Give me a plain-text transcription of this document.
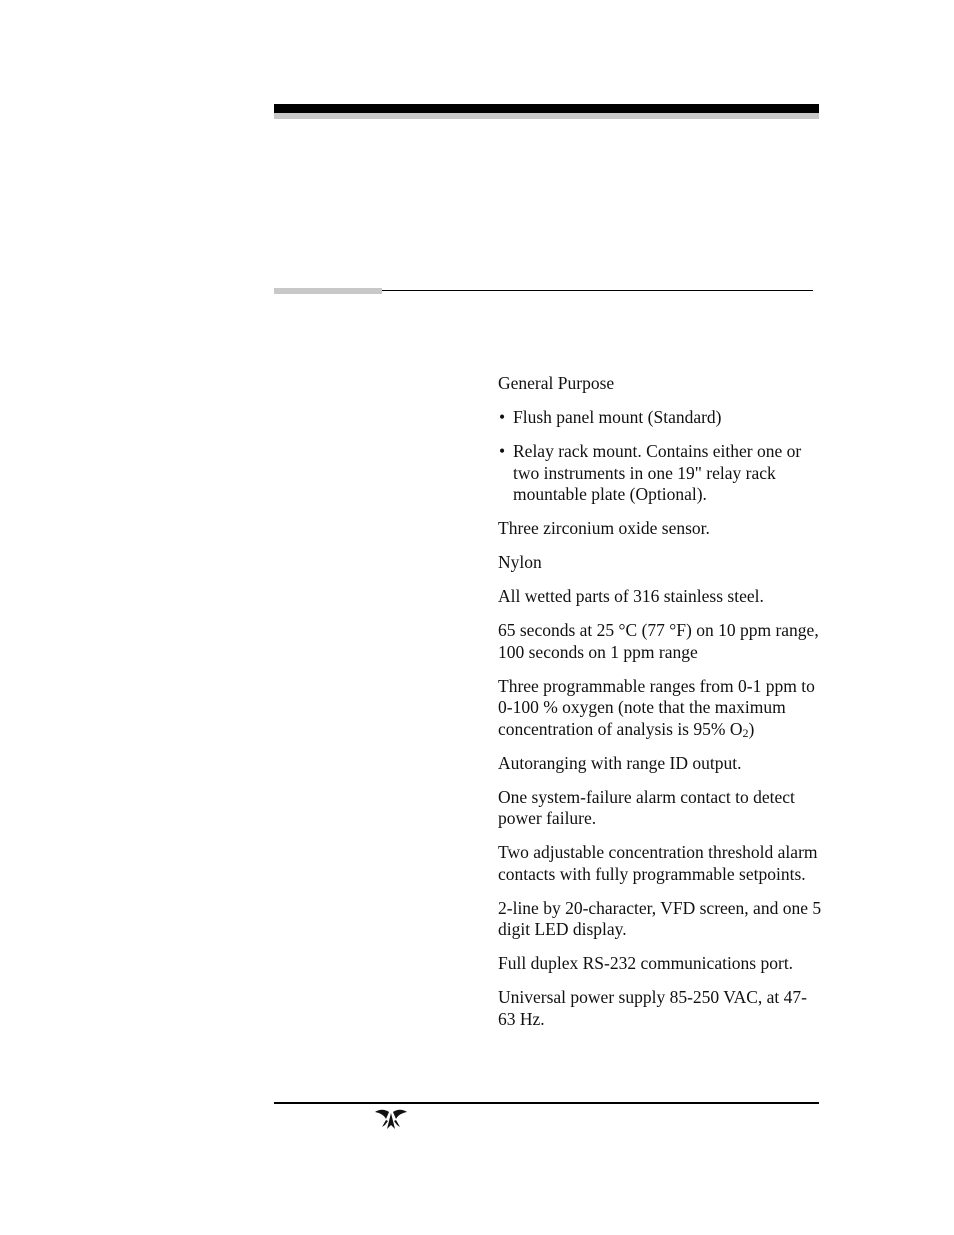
General Purpose

• Flush panel mount (Standard)
• Relay rack mount. Contains either one or two instruments in one 19" relay rack mountable plate (Optional).

Three zirconium oxide sensor.

Nylon

All wetted parts of 316 stainless steel.

65 seconds at 25 °C (77 °F) on 10 ppm range, 100 seconds on 1 ppm range

Three programmable ranges from 0-1 ppm to 0-100 % oxygen (note that the maximum concentration of analysis is 95% $O_2$)

Autoranging with range ID output.

One system-failure alarm contact to detect power failure.

Two adjustable concentration threshold alarm contacts with fully programmable setpoints.

2-line by 20-character, VFD screen, and one 5 digit LED display.

Full duplex RS-232 communications port.

Universal power supply 85-250 VAC, at 47-63 Hz.
